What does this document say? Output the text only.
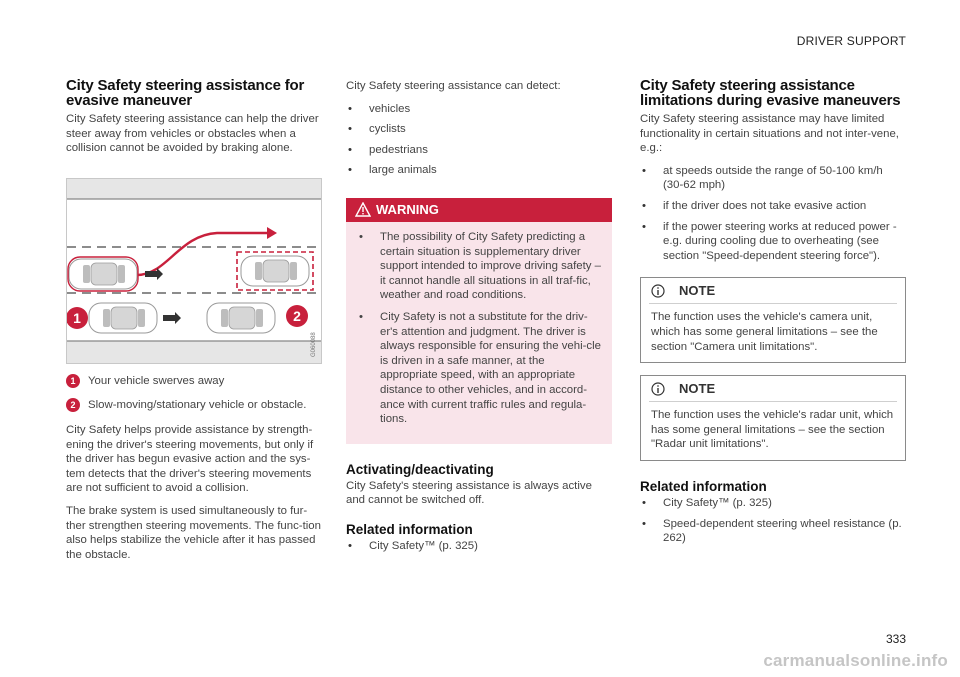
DRIVER SUPPORT
City Safety steering assistance for evasive maneuver

City Safety steering assistance can help the driver steer away from vehicles or obstacles when a collision cannot be avoided by braking alone.

1	2
G060088
1	Your vehicle swerves away
2	Slow-moving/stationary vehicle or obstacle.

City Safety helps provide assistance by strength-ening the driver's steering movements, but only if the driver has begun evasive action and the sys-tem detects that the driver's steering movements are not sufficient to avoid a collision.

The brake system is used simultaneously to fur-ther strengthen steering movements. The func-tion also helps stabilize the vehicle after it has passed the obstacle.

City Safety steering assistance can detect:

• vehicles
• cyclists
• pedestrians
• large animals
WARNING
• The possibility of City Safety predicting a certain situation is supplementary driver support intended to improve driving safety – it cannot handle all situations in all traf-fic, weather and road conditions.
• City Safety is not a substitute for the driv-er's attention and judgment. The driver is always responsible for ensuring the vehi-cle is driven in a safe manner, at the appropriate speed, with an appropriate distance to other vehicles, and in accord-ance with current traffic rules and regula-tions.
Activating/deactivating

City Safety's steering assistance is always active and cannot be switched off.

Related information
• City Safety™ (p. 325)
City Safety steering assistance limitations during evasive maneuvers

City Safety steering assistance may have limited functionality in certain situations and not inter-vene, e.g.:

• at speeds outside the range of 50-100 km/h (30-62 mph)
• if the driver does not take evasive action
• if the power steering works at reduced power - e.g. during cooling due to overheating (see section "Speed-dependent steering force").
NOTE

The function uses the vehicle's camera unit, which has some general limitations – see the section "Camera unit limitations".

NOTE

The function uses the vehicle's radar unit, which has some general limitations – see the section "Radar unit limitations".

Related information
• City Safety™ (p. 325)
• Speed-dependent steering wheel resistance (p. 262)
333
carmanualsonline.info
